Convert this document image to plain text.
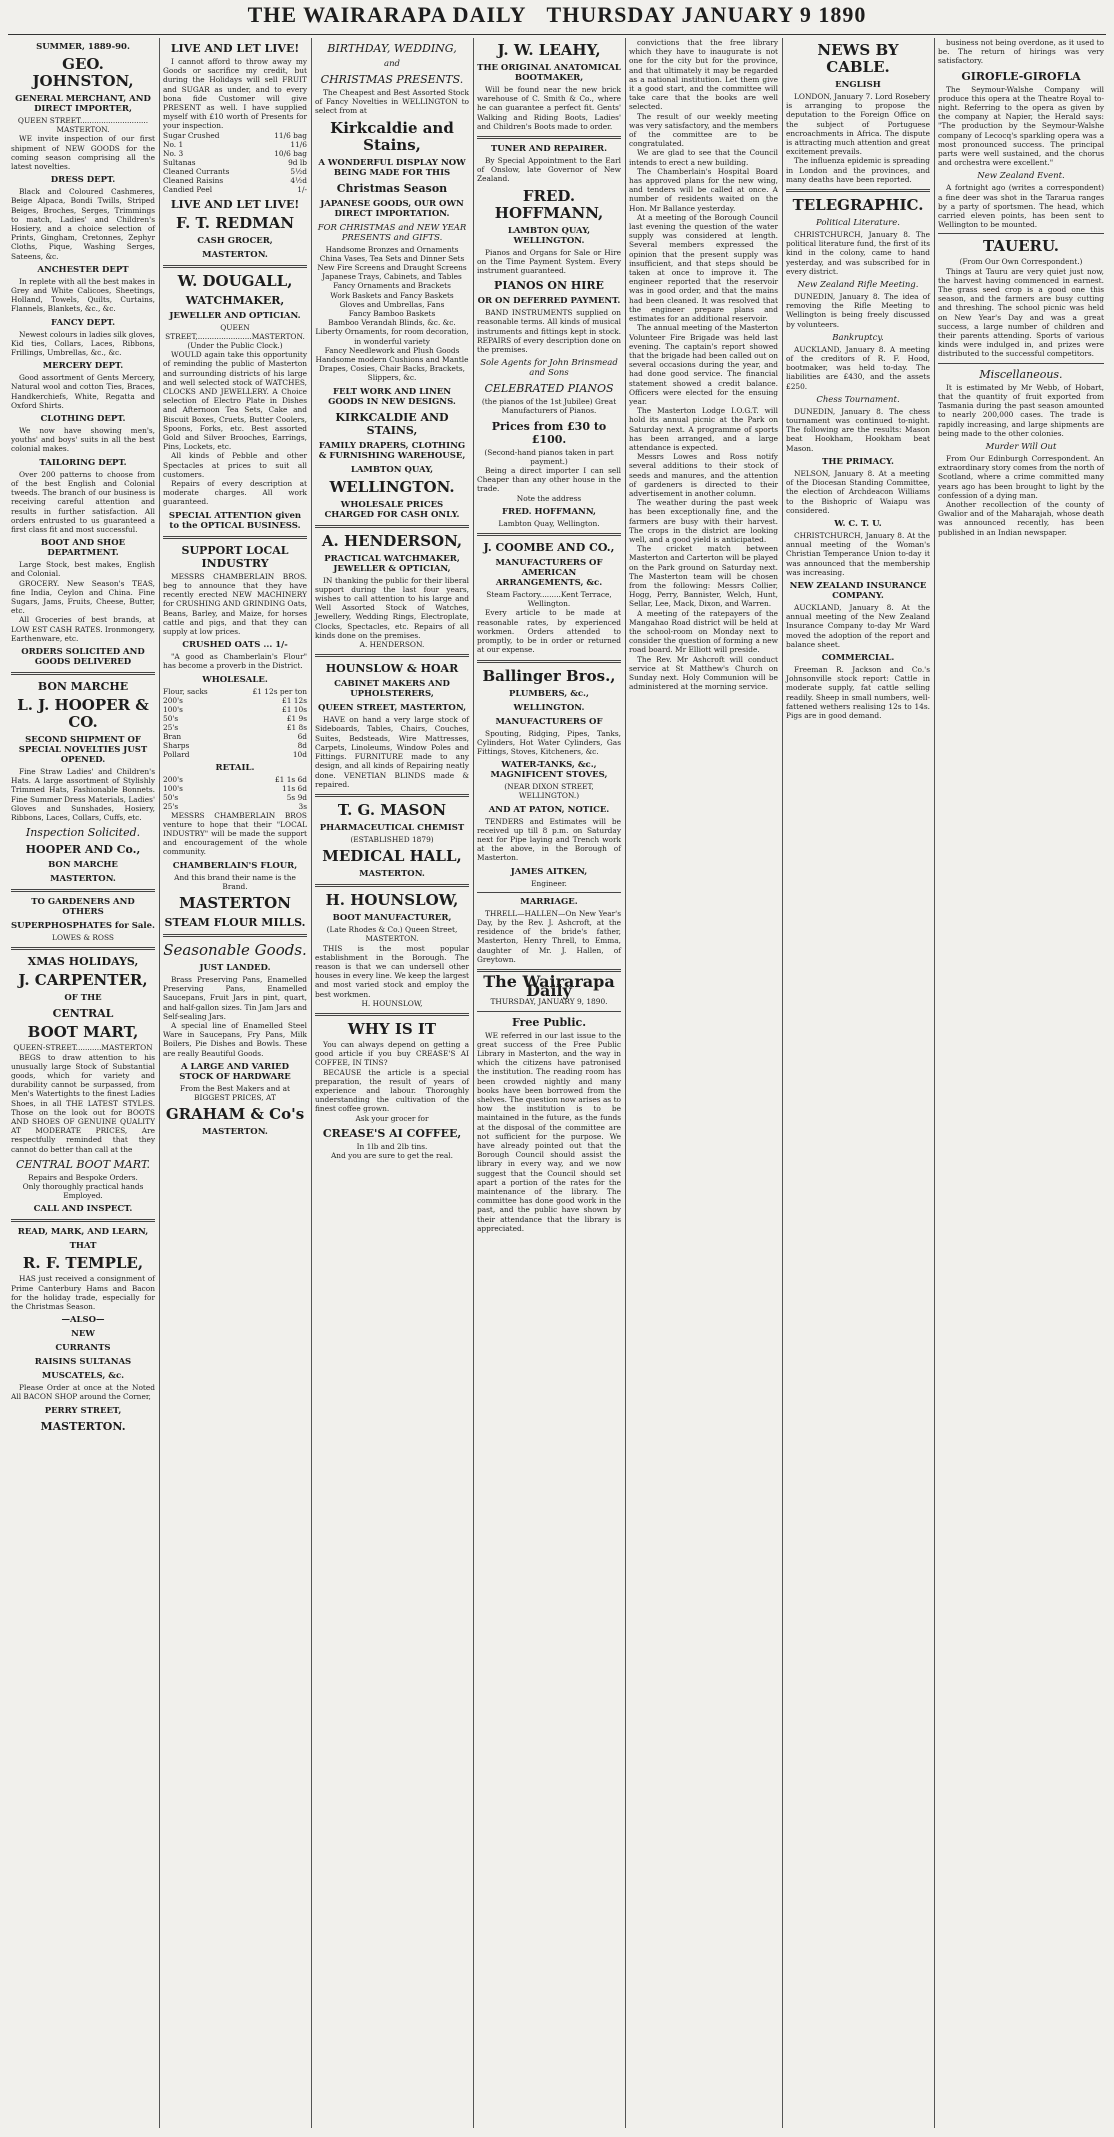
THE WAIRARAPA DAILY THURSDAY JANUARY 9 1890
SUMMER, 1889-90.
GEO. JOHNSTON,
GENERAL MERCHANT, AND DIRECT IMPORTER,
QUEEN STREET............................. MASTERTON.

WE invite inspection of our first shipment of NEW GOODS for the coming season comprising all the latest novelties.

DRESS DEPT.

Black and Coloured Cashmeres, Beige Alpaca, Bondi Twills, Striped Beiges, Broches, Serges, Trimmings to match, Ladies' and Children's Hosiery, and a choice selection of Prints, Gingham, Cretonnes, Zephyr Cloths, Pique, Washing Serges, Sateens, &c.

ANCHESTER DEPT

In replete with all the best makes in Grey and White Calicoes, Sheetings, Holland, Towels, Quilts, Curtains, Flannels, Blankets, &c., &c.

FANCY DEPT.

Newest colours in ladies silk gloves, Kid ties, Collars, Laces, Ribbons, Frillings, Umbrellas, &c., &c.

MERCERY DEPT.

Good assortment of Gents Mercery, Natural wool and cotton Ties, Braces, Handkerchiefs, White, Regatta and Oxford Shirts.

CLOTHING DEPT.

We now have showing men's, youths' and boys' suits in all the best colonial makes.

TAILORING DEPT.

Over 200 patterns to choose from of the best English and Colonial tweeds. The branch of our business is receiving careful attention and results in further satisfaction. All orders entrusted to us guaranteed a first class fit and most successful.

BOOT AND SHOE DEPARTMENT.

Large Stock, best makes, English and Colonial.

GROCERY. New Season's TEAS, fine India, Ceylon and China. Fine Sugars, Jams, Fruits, Cheese, Butter, etc.

All Groceries of best brands, at LOW EST CASH RATES. Ironmongery, Earthenware, etc.

ORDERS SOLICITED AND GOODS DELIVERED
BON MARCHE
L. J. HOOPER & CO.
SECOND SHIPMENT OF SPECIAL NOVELTIES JUST OPENED.

Fine Straw Ladies' and Children's Hats. A large assortment of Stylishly Trimmed Hats, Fashionable Bonnets. Fine Summer Dress Materials, Ladies' Gloves and Sunshades, Hosiery, Ribbons, Laces, Collars, Cuffs, etc.

Inspection Solicited.
HOOPER AND Co.,
BON MARCHE
MASTERTON.
TO GARDENERS AND OTHERS
SUPERPHOSPHATES for Sale.
LOWES & ROSS
XMAS HOLIDAYS,
J. CARPENTER,
OF THE
CENTRAL
BOOT MART,
QUEEN-STREET...........MASTERTON

BEGS to draw attention to his unusually large Stock of Substantial goods, which for variety and durability cannot be surpassed, from Men's Watertights to the finest Ladies Shoes, in all THE LATEST STYLES. Those on the look out for BOOTS AND SHOES OF GENUINE QUALITY AT MODERATE PRICES, Are respectfully reminded that they cannot do better than call at the

CENTRAL BOOT MART.
Repairs and Bespoke Orders.
Only thoroughly practical hands Employed.
CALL AND INSPECT.
READ, MARK, AND LEARN,
THAT
R. F. TEMPLE,

HAS just received a consignment of Prime Canterbury Hams and Bacon for the holiday trade, especially for the Christmas Season.

—ALSO—
NEW
CURRANTS
RAISINS SULTANAS
MUSCATELS, &c.

Please Order at once at the Noted All BACON SHOP around the Corner,

PERRY STREET,
MASTERTON.
LIVE AND LET LIVE!

I cannot afford to throw away my Goods or sacrifice my credit, but during the Holidays will sell FRUIT and SUGAR as under, and to every bona fide Customer will give PRESENT as well. I have supplied myself with £10 worth of Presents for your inspection.

Sugar Crushed	11/6 bag
No. 1	11/6
No. 3	10/6 bag
Sultanas	9d lb
Cleaned Currants	5½d
Cleaned Raisins	4½d
Candied Peel	1/-
LIVE AND LET LIVE!
F. T. REDMAN
CASH GROCER,
MASTERTON.
W. DOUGALL,
WATCHMAKER,
JEWELLER AND OPTICIAN.
QUEEN STREET,.......................MASTERTON.
(Under the Public Clock.)

WOULD again take this opportunity of reminding the public of Masterton and surrounding districts of his large and well selected stock of WATCHES, CLOCKS AND JEWELLERY. A Choice selection of Electro Plate in Dishes and Afternoon Tea Sets, Cake and Biscuit Boxes, Cruets, Butter Coolers, Spoons, Forks, etc. Best assorted Gold and Silver Brooches, Earrings, Pins, Lockets, etc.

All kinds of Pebble and other Spectacles at prices to suit all customers.

Repairs of every description at moderate charges. All work guaranteed.

SPECIAL ATTENTION given to the OPTICAL BUSINESS.
SUPPORT LOCAL INDUSTRY

MESSRS CHAMBERLAIN BROS. beg to announce that they have recently erected NEW MACHINERY for CRUSHING AND GRINDING Oats, Beans, Barley, and Maize, for horses cattle and pigs, and that they can supply at low prices.

CRUSHED OATS ... 1/-

"A good as Chamberlain's Flour" has become a proverb in the District.

WHOLESALE.
Flour, sacks	£1 12s per ton
200's	£1 12s
100's	£1 10s
50's	£1 9s
25's	£1 8s
Bran	6d
Sharps	8d
Pollard	10d
RETAIL.
200's	£1 1s 6d
100's	11s 6d
50's	5s 9d
25's	3s

MESSRS CHAMBERLAIN BROS venture to hope that their "LOCAL INDUSTRY" will be made the support and encouragement of the whole community.

CHAMBERLAIN'S FLOUR,
And this brand their name is the Brand.
MASTERTON
STEAM FLOUR MILLS.
Seasonable Goods.
JUST LANDED.

Brass Preserving Pans, Enamelled Preserving Pans, Enamelled Saucepans, Fruit Jars in pint, quart, and half-gallon sizes. Tin Jam Jars and Self-sealing Jars.

A special line of Enamelled Steel Ware in Saucepans, Fry Pans, Milk Boilers, Pie Dishes and Bowls. These are really Beautiful Goods.

A LARGE AND VARIED STOCK OF HARDWARE
From the Best Makers and at BIGGEST PRICES, AT
GRAHAM & Co's
MASTERTON.
BIRTHDAY, WEDDING,
and
CHRISTMAS PRESENTS.

The Cheapest and Best Assorted Stock of Fancy Novelties in WELLINGTON to select from at

Kirkcaldie and Stains,
A WONDERFUL DISPLAY NOW BEING MADE FOR THIS
Christmas Season
JAPANESE GOODS, OUR OWN DIRECT IMPORTATION.
FOR CHRISTMAS and NEW YEAR PRESENTS and GIFTS.
Handsome Bronzes and Ornaments
China Vases, Tea Sets and Dinner Sets
New Fire Screens and Draught Screens
Japanese Trays, Cabinets, and Tables
Fancy Ornaments and Brackets
Work Baskets and Fancy Baskets
Gloves and Umbrellas, Fans
Fancy Bamboo Baskets
Bamboo Verandah Blinds, &c. &c.
Liberty Ornaments, for room decoration, in wonderful variety
Fancy Needlework and Plush Goods
Handsome modern Cushions and Mantle Drapes, Cosies, Chair Backs, Brackets, Slippers, &c.
FELT WORK AND LINEN GOODS IN NEW DESIGNS.
KIRKCALDIE AND STAINS,
FAMILY DRAPERS, CLOTHING & FURNISHING WAREHOUSE,
LAMBTON QUAY,
WELLINGTON.
WHOLESALE PRICES CHARGED FOR CASH ONLY.
A. HENDERSON,
PRACTICAL WATCHMAKER, JEWELLER & OPTICIAN,

IN thanking the public for their liberal support during the last four years, wishes to call attention to his large and Well Assorted Stock of Watches, Jewellery, Wedding Rings, Electroplate, Clocks, Spectacles, etc. Repairs of all kinds done on the premises.

A. HENDERSON.
HOUNSLOW & HOAR
CABINET MAKERS AND UPHOLSTERERS,
QUEEN STREET, MASTERTON,

HAVE on hand a very large stock of Sideboards, Tables, Chairs, Couches, Suites, Bedsteads, Wire Mattresses, Carpets, Linoleums, Window Poles and Fittings. FURNITURE made to any design, and all kinds of Repairing neatly done. VENETIAN BLINDS made & repaired.

T. G. MASON
PHARMACEUTICAL CHEMIST
(ESTABLISHED 1879)
MEDICAL HALL,
MASTERTON.
H. HOUNSLOW,
BOOT MANUFACTURER,
(Late Rhodes & Co.) Queen Street, MASTERTON.

THIS is the most popular establishment in the Borough. The reason is that we can undersell other houses in every line. We keep the largest and most varied stock and employ the best workmen.

H. HOUNSLOW,
WHY IS IT

You can always depend on getting a good article if you buy CREASE'S AI COFFEE, IN TINS?

BECAUSE the article is a special preparation, the result of years of experience and labour. Thoroughly understanding the cultivation of the finest coffee grown.

Ask your grocer for
CREASE'S AI COFFEE,
In 1lb and 2lb tins.
And you are sure to get the real.
J. W. LEAHY,
THE ORIGINAL ANATOMICAL BOOTMAKER,

Will be found near the new brick warehouse of C. Smith & Co., where he can guarantee a perfect fit. Gents' Walking and Riding Boots, Ladies' and Children's Boots made to order.

TUNER AND REPAIRER.

By Special Appointment to the Earl of Onslow, late Governor of New Zealand.

FRED. HOFFMANN,
LAMBTON QUAY, WELLINGTON.

Pianos and Organs for Sale or Hire on the Time Payment System. Every instrument guaranteed.

PIANOS ON HIRE
OR ON DEFERRED PAYMENT.

BAND INSTRUMENTS supplied on reasonable terms. All kinds of musical instruments and fittings kept in stock. REPAIRS of every description done on the premises.

Sole Agents for John Brinsmead and Sons
CELEBRATED PIANOS
(the pianos of the 1st Jubilee) Great Manufacturers of Pianos.
Prices from £30 to £100.
(Second-hand pianos taken in part payment.)

Being a direct importer I can sell Cheaper than any other house in the trade.

Note the address
FRED. HOFFMANN,
Lambton Quay, Wellington.
J. COOMBE AND CO.,
MANUFACTURERS OF AMERICAN ARRANGEMENTS, &c.
Steam Factory.........Kent Terrace, Wellington.

Every article to be made at reasonable rates, by experienced workmen. Orders attended to promptly, to be in order or returned at our expense.

Ballinger Bros.,
PLUMBERS, &c.,
WELLINGTON.
MANUFACTURERS OF

Spouting, Ridging, Pipes, Tanks, Cylinders, Hot Water Cylinders, Gas Fittings, Stoves, Kitcheners, &c.

WATER-TANKS, &c., MAGNIFICENT STOVES,
(NEAR DIXON STREET, WELLINGTON.)
AND AT PATON, NOTICE.

TENDERS and Estimates will be received up till 8 p.m. on Saturday next for Pipe laying and Trench work at the above, in the Borough of Masterton.

JAMES AITKEN,
Engineer.
MARRIAGE.

THRELL—HALLEN—On New Year's Day, by the Rev. J. Ashcroft, at the residence of the bride's father, Masterton, Henry Threll, to Emma, daughter of Mr. J. Hallen, of Greytown.

The Wairarapa Daily
THURSDAY, JANUARY 9, 1890.
Free Public.

WE referred in our last issue to the great success of the Free Public Library in Masterton, and the way in which the citizens have patronised the institution. The reading room has been crowded nightly and many books have been borrowed from the shelves. The question now arises as to how the institution is to be maintained in the future, as the funds at the disposal of the committee are not sufficient for the purpose. We have already pointed out that the Borough Council should assist the library in every way, and we now suggest that the Council should set apart a portion of the rates for the maintenance of the library. The committee has done good work in the past, and the public have shown by their attendance that the library is appreciated.

convictions that the free library which they have to inaugurate is not one for the city but for the province, and that ultimately it may be regarded as a national institution. Let them give it a good start, and the committee will take care that the books are well selected.

The result of our weekly meeting was very satisfactory, and the members of the committee are to be congratulated.

We are glad to see that the Council intends to erect a new building.

The Chamberlain's Hospital Board has approved plans for the new wing, and tenders will be called at once. A number of residents waited on the Hon. Mr Ballance yesterday.

At a meeting of the Borough Council last evening the question of the water supply was considered at length. Several members expressed the opinion that the present supply was insufficient, and that steps should be taken at once to improve it. The engineer reported that the reservoir was in good order, and that the mains had been cleaned. It was resolved that the engineer prepare plans and estimates for an additional reservoir.

The annual meeting of the Masterton Volunteer Fire Brigade was held last evening. The captain's report showed that the brigade had been called out on several occasions during the year, and had done good service. The financial statement showed a credit balance. Officers were elected for the ensuing year.

The Masterton Lodge I.O.G.T. will hold its annual picnic at the Park on Saturday next. A programme of sports has been arranged, and a large attendance is expected.

Messrs Lowes and Ross notify several additions to their stock of seeds and manures, and the attention of gardeners is directed to their advertisement in another column.

The weather during the past week has been exceptionally fine, and the farmers are busy with their harvest. The crops in the district are looking well, and a good yield is anticipated.

The cricket match between Masterton and Carterton will be played on the Park ground on Saturday next. The Masterton team will be chosen from the following: Messrs Collier, Hogg, Perry, Bannister, Welch, Hunt, Sellar, Lee, Mack, Dixon, and Warren.

A meeting of the ratepayers of the Mangahao Road district will be held at the school-room on Monday next to consider the question of forming a new road board. Mr Elliott will preside.

The Rev. Mr Ashcroft will conduct service at St Matthew's Church on Sunday next. Holy Communion will be administered at the morning service.

NEWS BY CABLE.
ENGLISH

LONDON, January 7. Lord Rosebery is arranging to propose the deputation to the Foreign Office on the subject of Portuguese encroachments in Africa. The dispute is attracting much attention and great excitement prevails.

The influenza epidemic is spreading in London and the provinces, and many deaths have been reported.

TELEGRAPHIC.
Political Literature.

CHRISTCHURCH, January 8. The political literature fund, the first of its kind in the colony, came to hand yesterday, and was subscribed for in every district.

New Zealand Rifle Meeting.

DUNEDIN, January 8. The idea of removing the Rifle Meeting to Wellington is being freely discussed by volunteers.

Bankruptcy.

AUCKLAND, January 8. A meeting of the creditors of R. F. Hood, bootmaker, was held to-day. The liabilities are £430, and the assets £250.

Chess Tournament.

DUNEDIN, January 8. The chess tournament was continued to-night. The following are the results: Mason beat Hookham, Hookham beat Mason.

THE PRIMACY.

NELSON, January 8. At a meeting of the Diocesan Standing Committee, the election of Archdeacon Williams to the Bishopric of Waiapu was considered.

W. C. T. U.

CHRISTCHURCH, January 8. At the annual meeting of the Woman's Christian Temperance Union to-day it was announced that the membership was increasing.

NEW ZEALAND INSURANCE COMPANY.

AUCKLAND, January 8. At the annual meeting of the New Zealand Insurance Company to-day Mr Ward moved the adoption of the report and balance sheet.

COMMERCIAL.

Freeman R. Jackson and Co.'s Johnsonville stock report: Cattle in moderate supply, fat cattle selling readily. Sheep in small numbers, well-fattened wethers realising 12s to 14s. Pigs are in good demand.

business not being overdone, as it used to be. The return of hirings was very satisfactory.

GIROFLE-GIROFLA

The Seymour-Walshe Company will produce this opera at the Theatre Royal to-night. Referring to the opera as given by the company at Napier, the Herald says: "The production by the Seymour-Walshe company of Lecocq's sparkling opera was a most pronounced success. The principal parts were well sustained, and the chorus and orchestra were excellent."

New Zealand Event.

A fortnight ago (writes a correspondent) a fine deer was shot in the Tararua ranges by a party of sportsmen. The head, which carried eleven points, has been sent to Wellington to be mounted.

TAUERU.
(From Our Own Correspondent.)

Things at Tauru are very quiet just now, the harvest having commenced in earnest. The grass seed crop is a good one this season, and the farmers are busy cutting and threshing. The school picnic was held on New Year's Day and was a great success, a large number of children and their parents attending. Sports of various kinds were indulged in, and prizes were distributed to the successful competitors.

Miscellaneous.

It is estimated by Mr Webb, of Hobart, that the quantity of fruit exported from Tasmania during the past season amounted to nearly 200,000 cases. The trade is rapidly increasing, and large shipments are being made to the other colonies.

Murder Will Out

From Our Edinburgh Correspondent. An extraordinary story comes from the north of Scotland, where a crime committed many years ago has been brought to light by the confession of a dying man.

Another recollection of the county of Gwalior and of the Maharajah, whose death was announced recently, has been published in an Indian newspaper.
